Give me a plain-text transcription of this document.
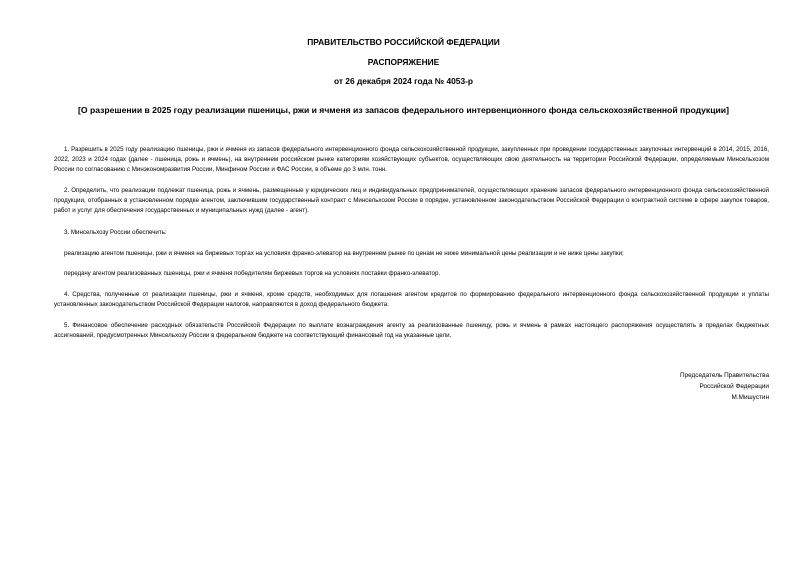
ПРАВИТЕЛЬСТВО РОССИЙСКОЙ ФЕДЕРАЦИИ
РАСПОРЯЖЕНИЕ
от 26 декабря 2024 года № 4053-р
[О разрешении в 2025 году реализации пшеницы, ржи и ячменя из запасов федерального интервенционного фонда сельскохозяйственной продукции]
1. Разрешить в 2025 году реализацию пшеницы, ржи и ячменя из запасов федерального интервенционного фонда сельскохозяйственной продукции, закупленных при проведении государственных закупочных интервенций в 2014, 2015, 2016, 2022, 2023 и 2024 годах (далее - пшеница, рожь и ячмень), на внутреннем российском рынке категориям хозяйствующих субъектов, осуществляющих свою деятельность на территории Российской Федерации, определяемым Минсельхозом России по согласованию с Минэкономразвития России, Минфином России и ФАС России, в объеме до 3 млн. тонн.
2. Определить, что реализации подлежат пшеница, рожь и ячмень, размещенные у юридических лиц и индивидуальных предпринимателей, осуществляющих хранение запасов федерального интервенционного фонда сельскохозяйственной продукции, отобранных в установленном порядке агентом, заключившим государственный контракт с Минсельхозом России в порядке, установленном законодательством Российской Федерации о контрактной системе в сфере закупок товаров, работ и услуг для обеспечения государственных и муниципальных нужд (далее - агент).
3. Минсельхозу России обеспечить:
реализацию агентом пшеницы, ржи и ячменя на биржевых торгах на условиях франко-элеватор на внутреннем рынке по ценам не ниже минимальной цены реализации и не ниже цены закупки;
передачу агентом реализованных пшеницы, ржи и ячменя победителям биржевых торгов на условиях поставки франко-элеватор.
4. Средства, полученные от реализации пшеницы, ржи и ячменя, кроме средств, необходимых для погашения агентом кредитов по формированию федерального интервенционного фонда сельскохозяйственной продукции и уплаты установленных законодательством Российской Федерации налогов, направляются в доход федерального бюджета.
5. Финансовое обеспечение расходных обязательств Российской Федерации по выплате вознаграждения агенту за реализованные пшеницу, рожь и ячмень в рамках настоящего распоряжения осуществлять в пределах бюджетных ассигнований, предусмотренных Минсельхозу России в федеральном бюджете на соответствующий финансовый год на указанные цели.
Председатель Правительства
Российской Федерации
М.Мишустин
